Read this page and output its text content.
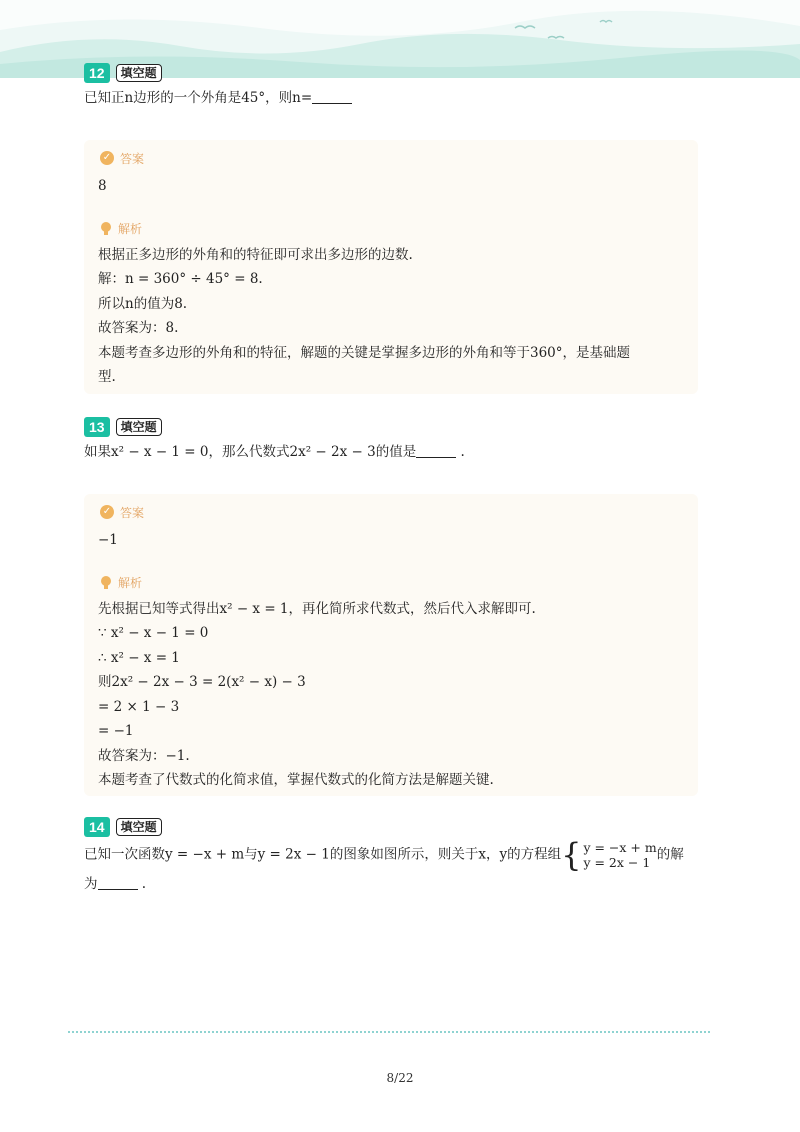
12	填空题
已知正n边形的一个外角是45°，则n=
✓ 答案
8
解析
根据正多边形的外角和的特征即可求出多边形的边数.
解：n = 360° ÷ 45° = 8.
所以n的值为8.
故答案为：8.
本题考查多边形的外角和的特征，解题的关键是掌握多边形的外角和等于360°，是基础题
型.
13	填空题
如果x² − x − 1 = 0，那么代数式2x² − 2x − 3的值是	.
✓ 答案
−1
解析
先根据已知等式得出x² − x = 1，再化简所求代数式，然后代入求解即可.
∵ x² − x − 1 = 0
∴ x² − x = 1
则2x² − 2x − 3 = 2(x² − x) − 3
= 2 × 1 − 3
= −1
故答案为：−1.
本题考查了代数式的化简求值，掌握代数式的化简方法是解题关键.
14	填空题
已知一次函数y = −x + m与y = 2x − 1的图象如图所示，则关于x，y的方程组 { y = −x + m
y = 2x − 1 的解
为	.
8/22
